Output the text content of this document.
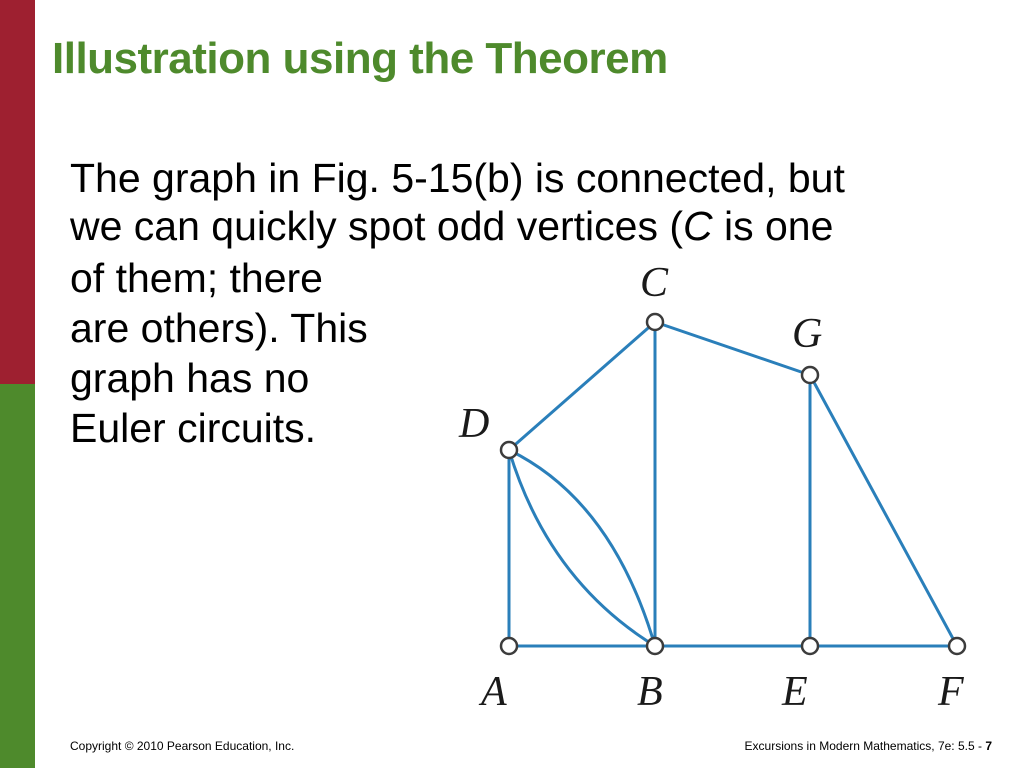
Illustration using the Theorem
The graph in Fig. 5-15(b) is connected, but
we can quickly spot odd vertices (C is one
of them; there
are others). This
graph has no
Euler circuits.
C
G
D
A	B	E	F
Copyright © 2010 Pearson Education, Inc.	Excursions in Modern Mathematics, 7e: 5.5 - 7
